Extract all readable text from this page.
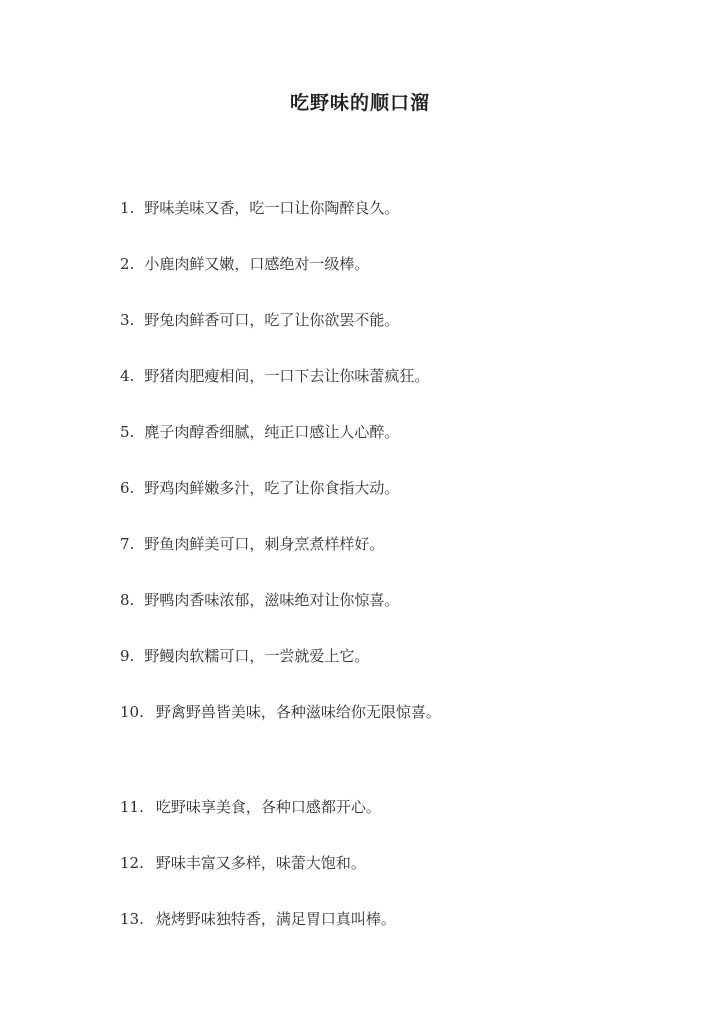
吃野味的顺口溜
1. 野味美味又香，吃一口让你陶醉良久。
2. 小鹿肉鲜又嫩，口感绝对一级棒。
3. 野兔肉鲜香可口，吃了让你欲罢不能。
4. 野猪肉肥瘦相间，一口下去让你味蕾疯狂。
5. 麂子肉醇香细腻，纯正口感让人心醉。
6. 野鸡肉鲜嫩多汁，吃了让你食指大动。
7. 野鱼肉鲜美可口，刺身烹煮样样好。
8. 野鸭肉香味浓郁，滋味绝对让你惊喜。
9. 野鳗肉软糯可口，一尝就爱上它。
10. 野禽野兽皆美味，各种滋味给你无限惊喜。
11. 吃野味享美食，各种口感都开心。
12. 野味丰富又多样，味蕾大饱和。
13. 烧烤野味独特香，满足胃口真叫棒。
